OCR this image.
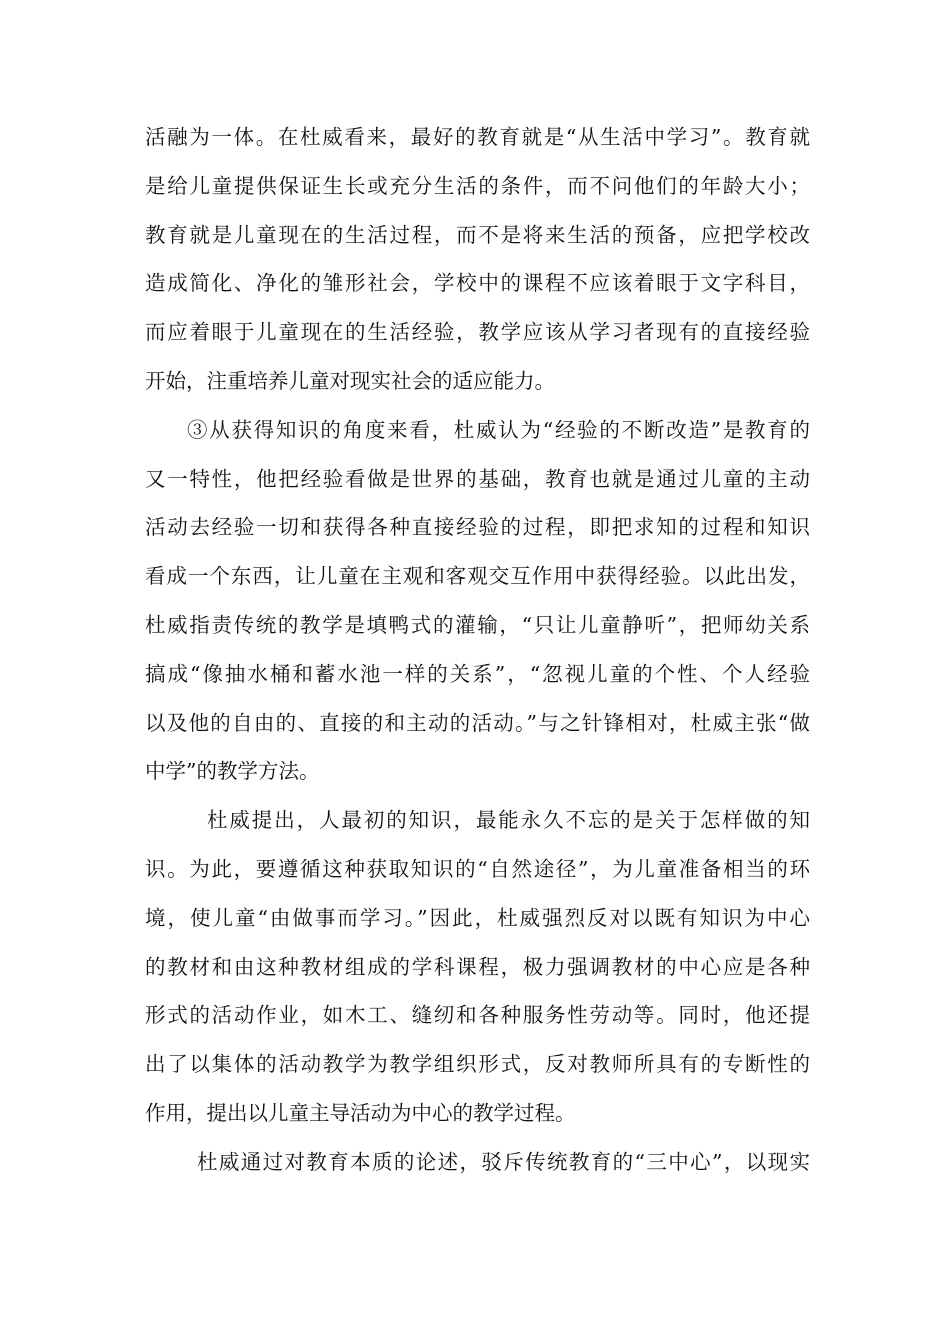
活融为一体。在杜威看来，最好的教育就是“从生活中学习”。教育就
是给儿童提供保证生长或充分生活的条件，而不问他们的年龄大小；
教育就是儿童现在的生活过程，而不是将来生活的预备，应把学校改
造成简化、净化的雏形社会，学校中的课程不应该着眼于文字科目，
而应着眼于儿童现在的生活经验，教学应该从学习者现有的直接经验
开始，注重培养儿童对现实社会的适应能力。
③从获得知识的角度来看，杜威认为“经验的不断改造”是教育的
又一特性，他把经验看做是世界的基础，教育也就是通过儿童的主动
活动去经验一切和获得各种直接经验的过程，即把求知的过程和知识
看成一个东西，让儿童在主观和客观交互作用中获得经验。以此出发，
杜威指责传统的教学是填鸭式的灌输，“只让儿童静听”，把师幼关系
搞成“像抽水桶和蓄水池一样的关系”，“忽视儿童的个性、个人经验
以及他的自由的、直接的和主动的活动。”与之针锋相对，杜威主张“做
中学”的教学方法。
杜威提出，人最初的知识，最能永久不忘的是关于怎样做的知
识。为此，要遵循这种获取知识的“自然途径”，为儿童准备相当的环
境，使儿童“由做事而学习。”因此，杜威强烈反对以既有知识为中心
的教材和由这种教材组成的学科课程，极力强调教材的中心应是各种
形式的活动作业，如木工、缝纫和各种服务性劳动等。同时，他还提
出了以集体的活动教学为教学组织形式，反对教师所具有的专断性的
作用，提出以儿童主导活动为中心的教学过程。
杜威通过对教育本质的论述，驳斥传统教育的“三中心”，以现实
